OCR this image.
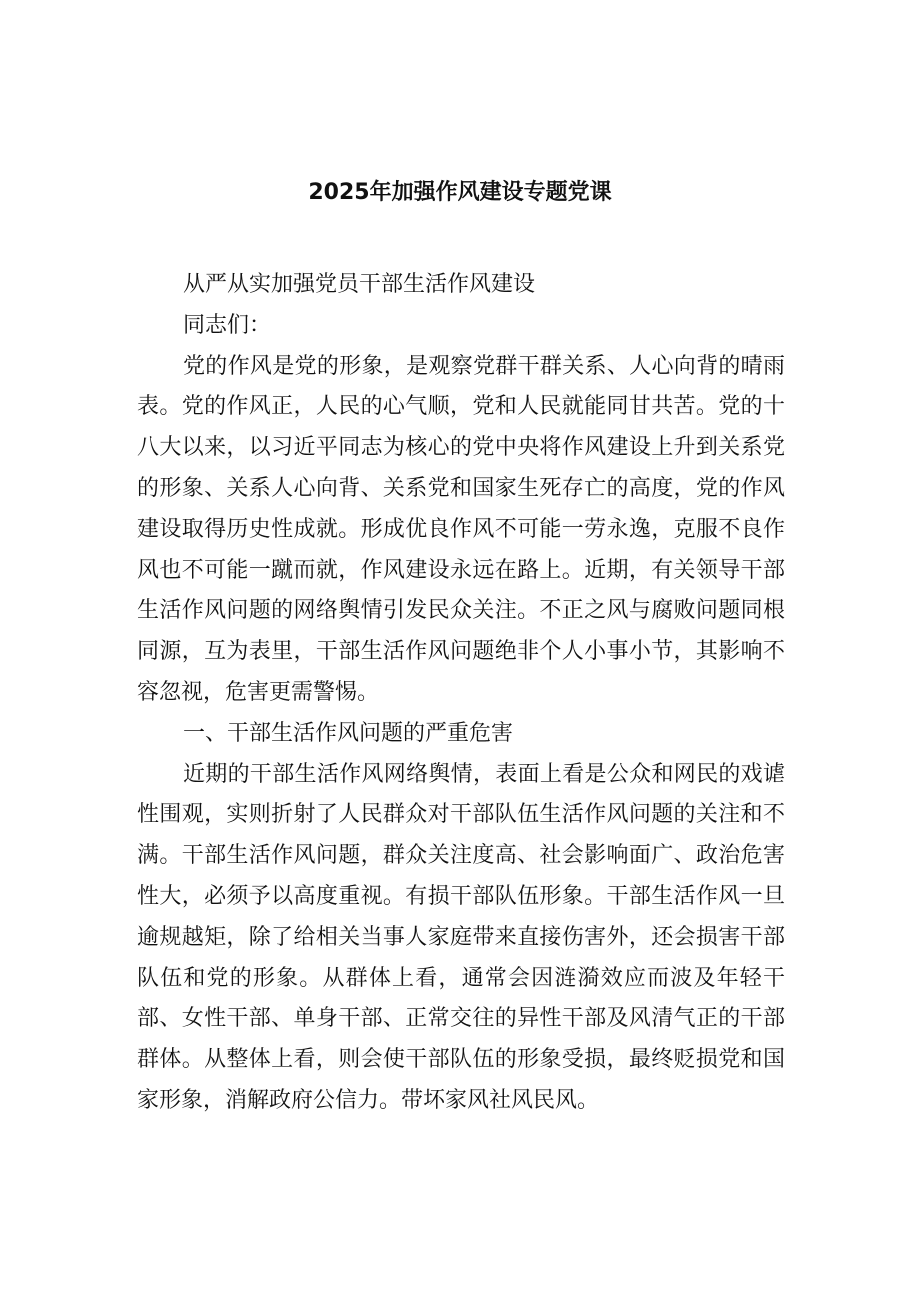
2025年加强作风建设专题党课

从严从实加强党员干部生活作风建设

同志们：

党的作风是党的形象，是观察党群干群关系、人心向背的晴雨表。党的作风正，人民的心气顺，党和人民就能同甘共苦。党的十八大以来，以习近平同志为核心的党中央将作风建设上升到关系党的形象、关系人心向背、关系党和国家生死存亡的高度，党的作风建设取得历史性成就。形成优良作风不可能一劳永逸，克服不良作风也不可能一蹴而就，作风建设永远在路上。近期，有关领导干部生活作风问题的网络舆情引发民众关注。不正之风与腐败问题同根同源，互为表里，干部生活作风问题绝非个人小事小节，其影响不容忽视，危害更需警惕。

一、干部生活作风问题的严重危害

近期的干部生活作风网络舆情，表面上看是公众和网民的戏谑性围观，实则折射了人民群众对干部队伍生活作风问题的关注和不满。干部生活作风问题，群众关注度高、社会影响面广、政治危害性大，必须予以高度重视。有损干部队伍形象。干部生活作风一旦逾规越矩，除了给相关当事人家庭带来直接伤害外，还会损害干部队伍和党的形象。从群体上看，通常会因涟漪效应而波及年轻干部、女性干部、单身干部、正常交往的异性干部及风清气正的干部群体。从整体上看，则会使干部队伍的形象受损，最终贬损党和国家形象，消解政府公信力。带坏家风社风民风。
